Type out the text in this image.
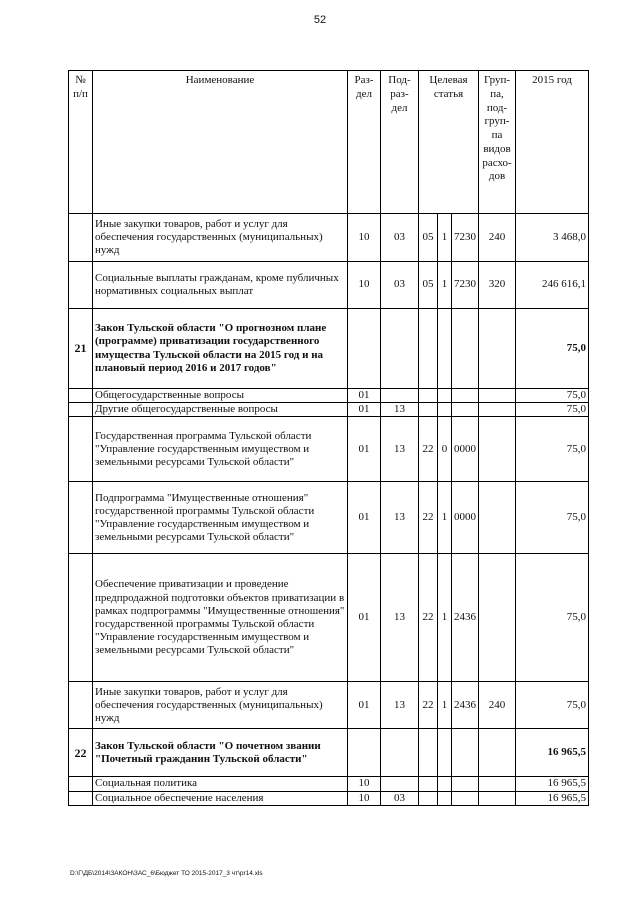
52
№ п/п	Наименование	Раз-дел	Под-раз-дел	Целевая статья			Груп-па, под-груп-па видов расхо-дов	2015 год
	Иные закупки товаров, работ и услуг для обеспечения государственных (муниципальных) нужд	10	03	05	1	7230	240	3 468,0
	Социальные выплаты гражданам, кроме публичных нормативных социальных выплат	10	03	05	1	7230	320	246 616,1
21	Закон Тульской области "О прогнозном плане (программе) приватизации государственного имущества Тульской области на 2015 год и на плановый период 2016 и 2017 годов"							75,0
	Общегосударственные вопросы	01						75,0
	Другие общегосударственные вопросы	01	13					75,0
	Государственная программа Тульской области "Управление государственным имуществом и земельными ресурсами Тульской области"	01	13	22	0	0000		75,0
	Подпрограмма "Имущественные отношения" государственной программы Тульской области "Управление государственным имуществом и земельными ресурсами Тульской области"	01	13	22	1	0000		75,0
	Обеспечение приватизации и проведение предпродажной подготовки объектов приватизации в рамках подпрограммы "Имущественные отношения" государственной программы Тульской области "Управление государственным имуществом и земельными ресурсами Тульской области"	01	13	22	1	2436		75,0
	Иные закупки товаров, работ и услуг для обеспечения государственных (муниципальных) нужд	01	13	22	1	2436	240	75,0
22	Закон Тульской области "О почетном звании "Почетный гражданин Тульской области"							16 965,5
	Социальная политика	10						16 965,5
	Социальное обеспечение населения	10	03					16 965,5
D:\Г\ДБ\2014\ЗАКОН\ЗАС_6\Бюджет ТО 2015-2017_3 чт\pr14.xls
